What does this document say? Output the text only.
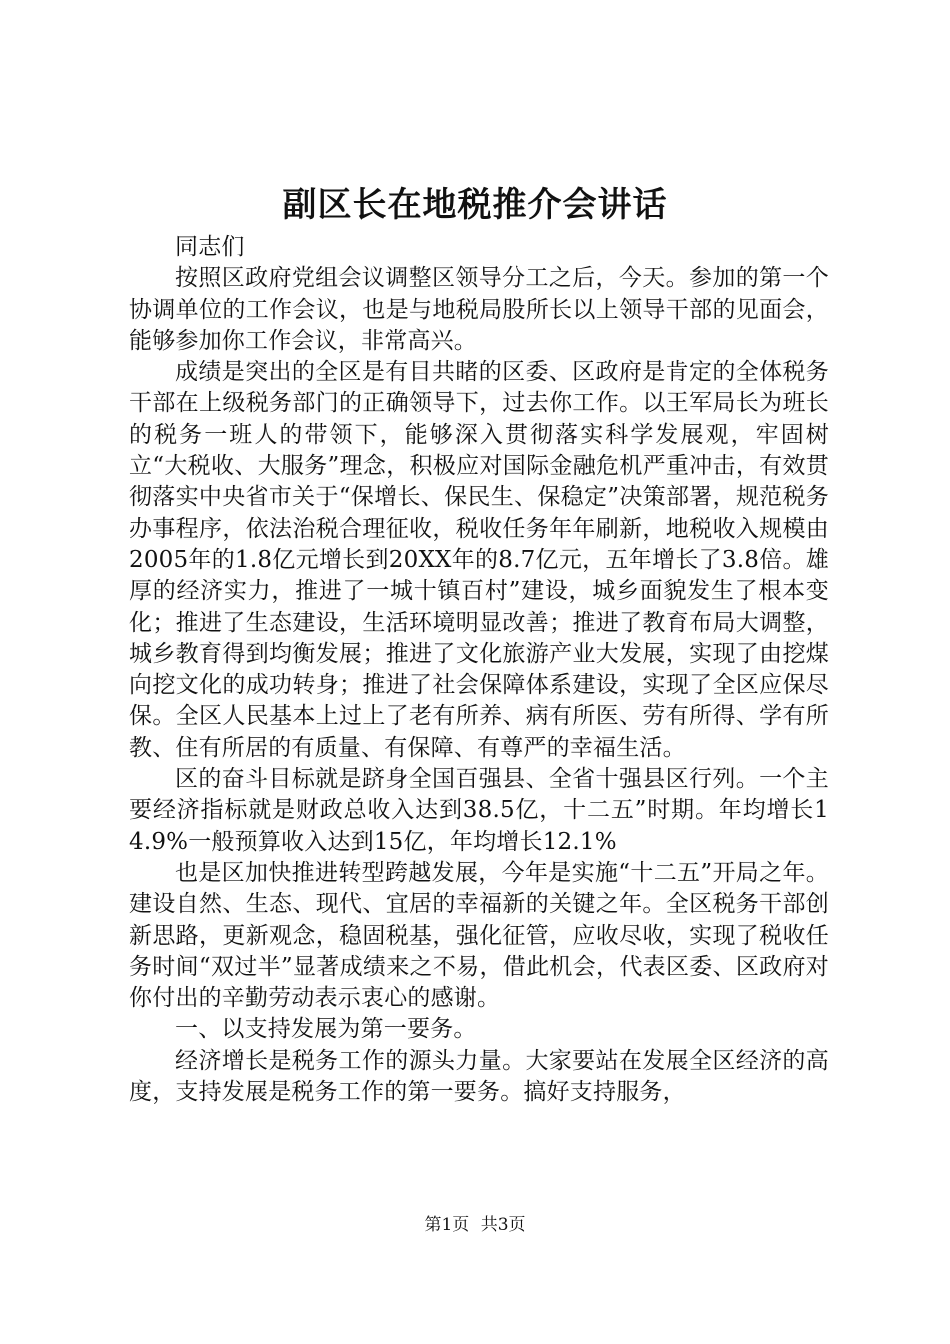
副区长在地税推介会讲话

同志们

按照区政府党组会议调整区领导分工之后，今天。参加的第一个协调单位的工作会议，也是与地税局股所长以上领导干部的见面会，能够参加你工作会议，非常高兴。

成绩是突出的全区是有目共睹的区委、区政府是肯定的全体税务干部在上级税务部门的正确领导下，过去你工作。以王军局长为班长的税务一班人的带领下，能够深入贯彻落实科学发展观，牢固树立“大税收、大服务”理念，积极应对国际金融危机严重冲击，有效贯彻落实中央省市关于“保增长、保民生、保稳定”决策部署，规范税务办事程序，依法治税合理征收，税收任务年年刷新，地税收入规模由2005年的1.8亿元增长到20XX年的8.7亿元，五年增长了3.8倍。雄厚的经济实力，推进了一城十镇百村”建设，城乡面貌发生了根本变化；推进了生态建设，生活环境明显改善；推进了教育布局大调整，城乡教育得到均衡发展；推进了文化旅游产业大发展，实现了由挖煤向挖文化的成功转身；推进了社会保障体系建设，实现了全区应保尽保。全区人民基本上过上了老有所养、病有所医、劳有所得、学有所教、住有所居的有质量、有保障、有尊严的幸福生活。

区的奋斗目标就是跻身全国百强县、全省十强县区行列。一个主要经济指标就是财政总收入达到38.5亿，十二五”时期。年均增长14.9%一般预算收入达到15亿，年均增长12.1%

也是区加快推进转型跨越发展，今年是实施“十二五”开局之年。建设自然、生态、现代、宜居的幸福新的关键之年。全区税务干部创新思路，更新观念，稳固税基，强化征管，应收尽收，实现了税收任务时间“双过半”显著成绩来之不易，借此机会，代表区委、区政府对你付出的辛勤劳动表示衷心的感谢。

一、以支持发展为第一要务。

经济增长是税务工作的源头力量。大家要站在发展全区经济的高度，支持发展是税务工作的第一要务。搞好支持服务，

第1页 共3页
